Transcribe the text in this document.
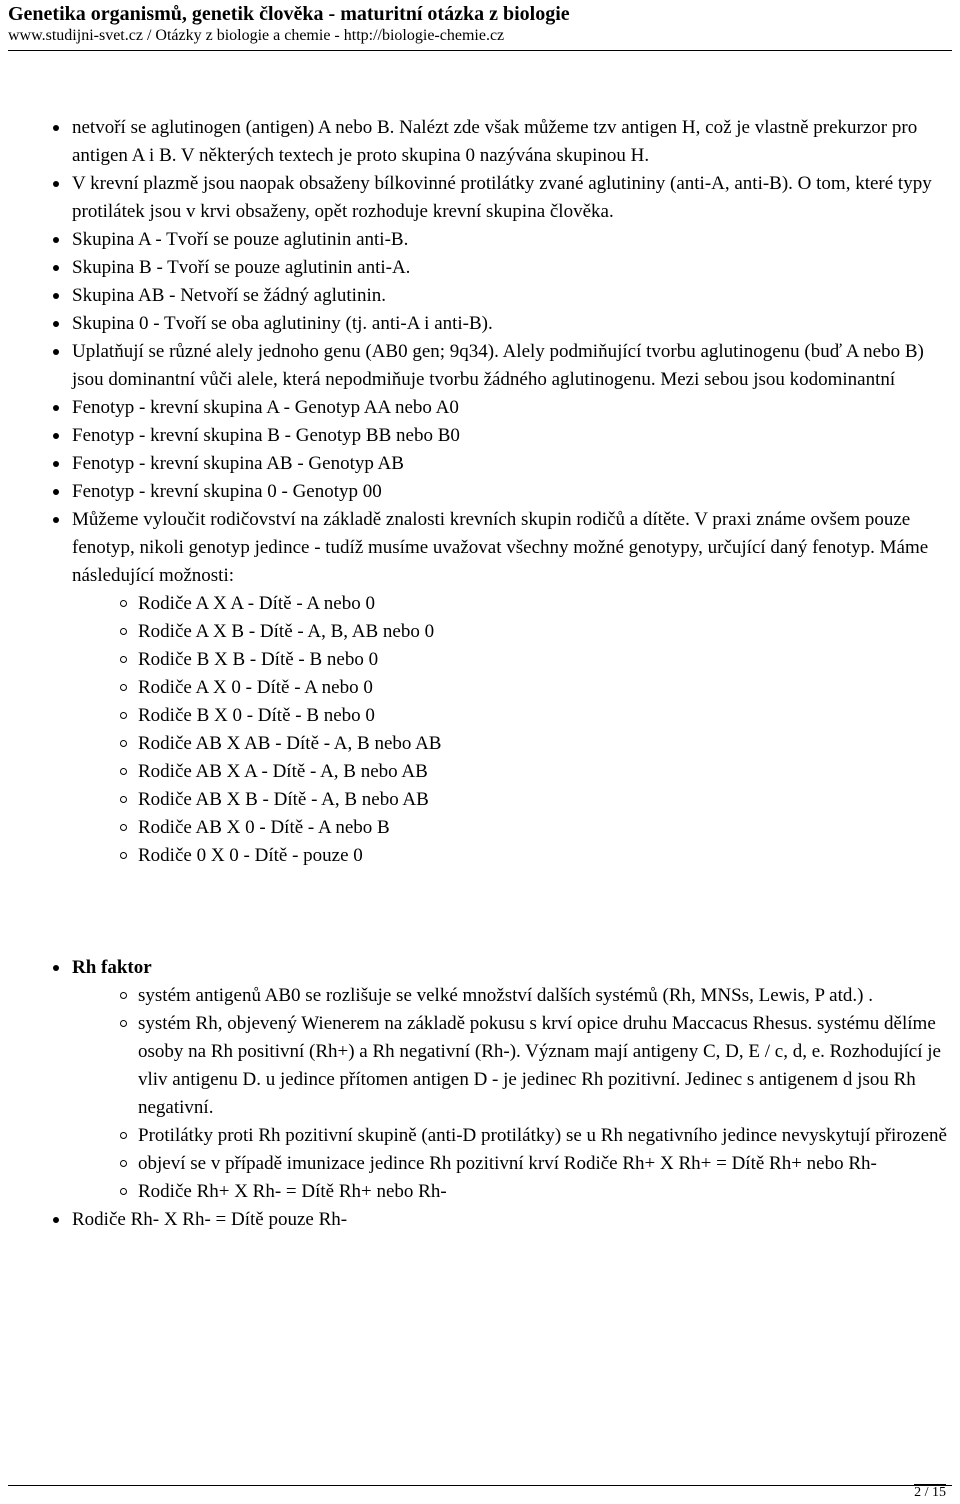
Genetika organismů, genetik člověka - maturitní otázka z biologie
www.studijni-svet.cz / Otázky z biologie a chemie - http://biologie-chemie.cz
netvoří se aglutinogen (antigen) A nebo B. Nalézt zde však můžeme tzv antigen H, což je vlastně prekurzor pro antigen A i B. V některých textech je proto skupina 0 nazývána skupinou H.
V krevní plazmě jsou naopak obsaženy bílkovinné protilátky zvané aglutininy (anti-A, anti-B). O tom, které typy protilátek jsou v krvi obsaženy, opět rozhoduje krevní skupina člověka.
Skupina A - Tvoří se pouze aglutinin anti-B.
Skupina B - Tvoří se pouze aglutinin anti-A.
Skupina AB - Netvoří se žádný aglutinin.
Skupina 0 - Tvoří se oba aglutininy (tj. anti-A i anti-B).
Uplatňují se různé alely jednoho genu (AB0 gen; 9q34). Alely podmiňující tvorbu aglutinogenu (buď A nebo B) jsou dominantní vůči alele, která nepodmiňuje tvorbu žádného aglutinogenu. Mezi sebou jsou kodominantní
Fenotyp - krevní skupina A - Genotyp AA nebo A0
Fenotyp - krevní skupina B - Genotyp BB nebo B0
Fenotyp - krevní skupina AB - Genotyp AB
Fenotyp - krevní skupina 0 - Genotyp 00
Můžeme vyloučit rodičovství na základě znalosti krevních skupin rodičů a dítěte. V praxi známe ovšem pouze fenotyp, nikoli genotyp jedince - tudíž musíme uvažovat všechny možné genotypy, určující daný fenotyp. Máme následující možnosti:
Rodiče A X A - Dítě - A nebo 0
Rodiče A X B - Dítě - A, B, AB nebo 0
Rodiče B X B - Dítě - B nebo 0
Rodiče A X 0 - Dítě - A nebo 0
Rodiče B X 0 - Dítě - B nebo 0
Rodiče AB X AB - Dítě - A, B nebo AB
Rodiče AB X A - Dítě - A, B nebo AB
Rodiče AB X B - Dítě - A, B nebo AB
Rodiče AB X 0 - Dítě - A nebo B
Rodiče 0 X 0 - Dítě - pouze 0
Rh faktor
systém antigenů AB0 se rozlišuje se velké množství dalších systémů (Rh, MNSs, Lewis, P atd.) .
systém Rh, objevený Wienerem na základě pokusu s krví opice druhu Maccacus Rhesus. systému dělíme osoby na Rh positivní (Rh+) a Rh negativní (Rh-). Význam mají antigeny C, D, E / c, d, e. Rozhodující je vliv antigenu D. u jedince přítomen antigen D - je jedinec Rh pozitivní. Jedinec s antigenem d jsou Rh negativní.
Protilátky proti Rh pozitivní skupině (anti-D protilátky) se u Rh negativního jedince nevyskytují přirozeně
objeví se v případě imunizace jedince Rh pozitivní krví Rodiče Rh+ X Rh+ = Dítě Rh+ nebo Rh-
Rodiče Rh+ X Rh- = Dítě Rh+ nebo Rh-
Rodiče Rh- X Rh- = Dítě pouze Rh-
2 / 15
